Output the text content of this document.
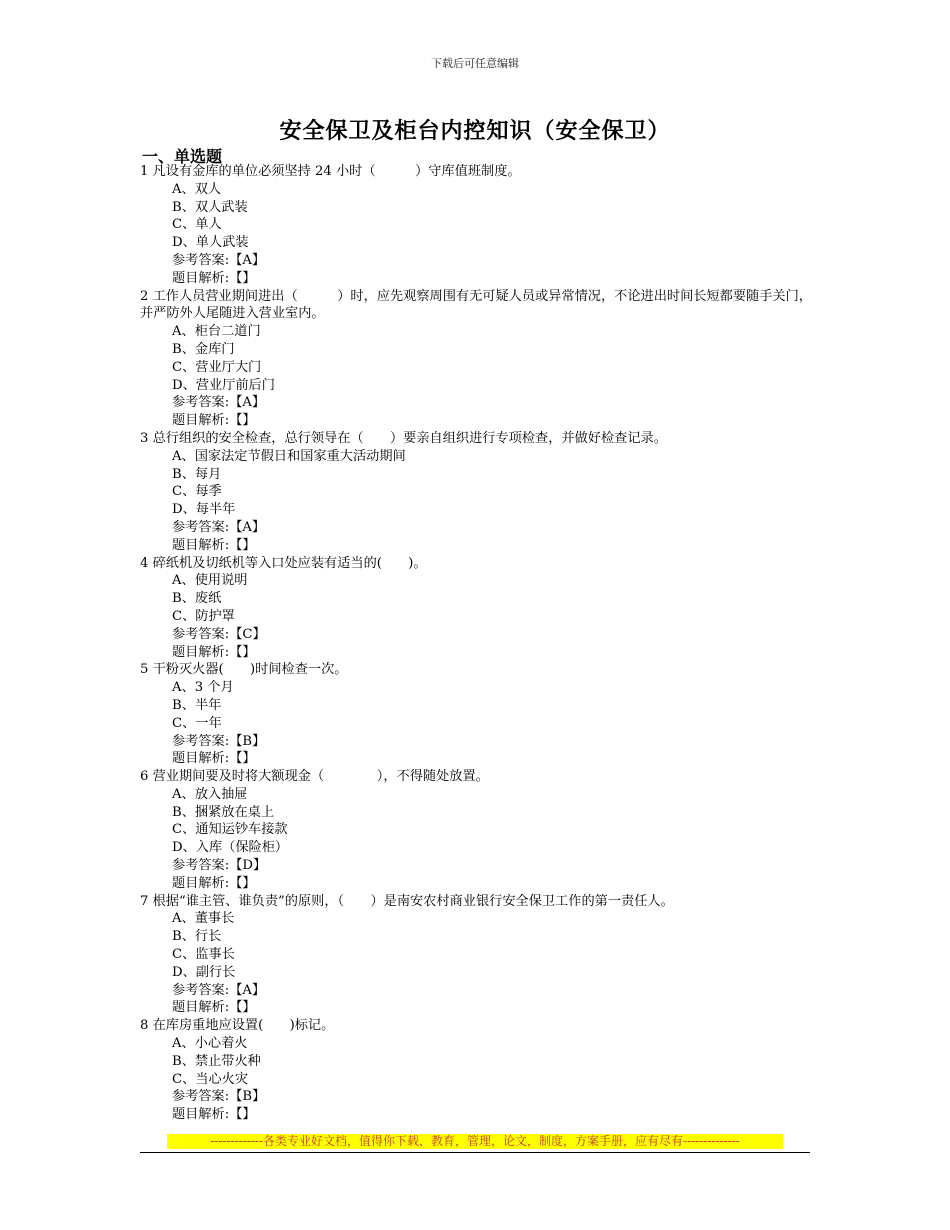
下载后可任意编辑
安全保卫及柜台内控知识（安全保卫）
一、单选题
1 凡设有金库的单位必须坚持 24 小时（　　　）守库值班制度。
A、双人
B、双人武装
C、单人
D、单人武装
参考答案:【A】
题目解析:【】
2 工作人员营业期间进出（　　　）时，应先观察周围有无可疑人员或异常情况，不论进出时间长短都要随手关门，并严防外人尾随进入营业室内。
A、柜台二道门
B、金库门
C、营业厅大门
D、营业厅前后门
参考答案:【A】
题目解析:【】
3 总行组织的安全检查，总行领导在（　　）要亲自组织进行专项检查，并做好检查记录。
A、国家法定节假日和国家重大活动期间
B、每月
C、每季
D、每半年
参考答案:【A】
题目解析:【】
4 碎纸机及切纸机等入口处应装有适当的(　　)。
A、使用说明
B、废纸
C、防护罩
参考答案:【C】
题目解析:【】
5 干粉灭火器(　　)时间检查一次。
A、3 个月
B、半年
C、一年
参考答案:【B】
题目解析:【】
6 营业期间要及时将大额现金（　　　　），不得随处放置。
A、放入抽屉
B、捆紧放在桌上
C、通知运钞车接款
D、入库（保险柜）
参考答案:【D】
题目解析:【】
7 根据“谁主管、谁负责”的原则，（　　）是南安农村商业银行安全保卫工作的第一责任人。
A、董事长
B、行长
C、监事长
D、副行长
参考答案:【A】
题目解析:【】
8 在库房重地应设置(　　)标记。
A、小心着火
B、禁止带火种
C、当心火灾
参考答案:【B】
题目解析:【】
-------------各类专业好文档，值得你下载，教育，管理，论文，制度，方案手册，应有尽有--------------
